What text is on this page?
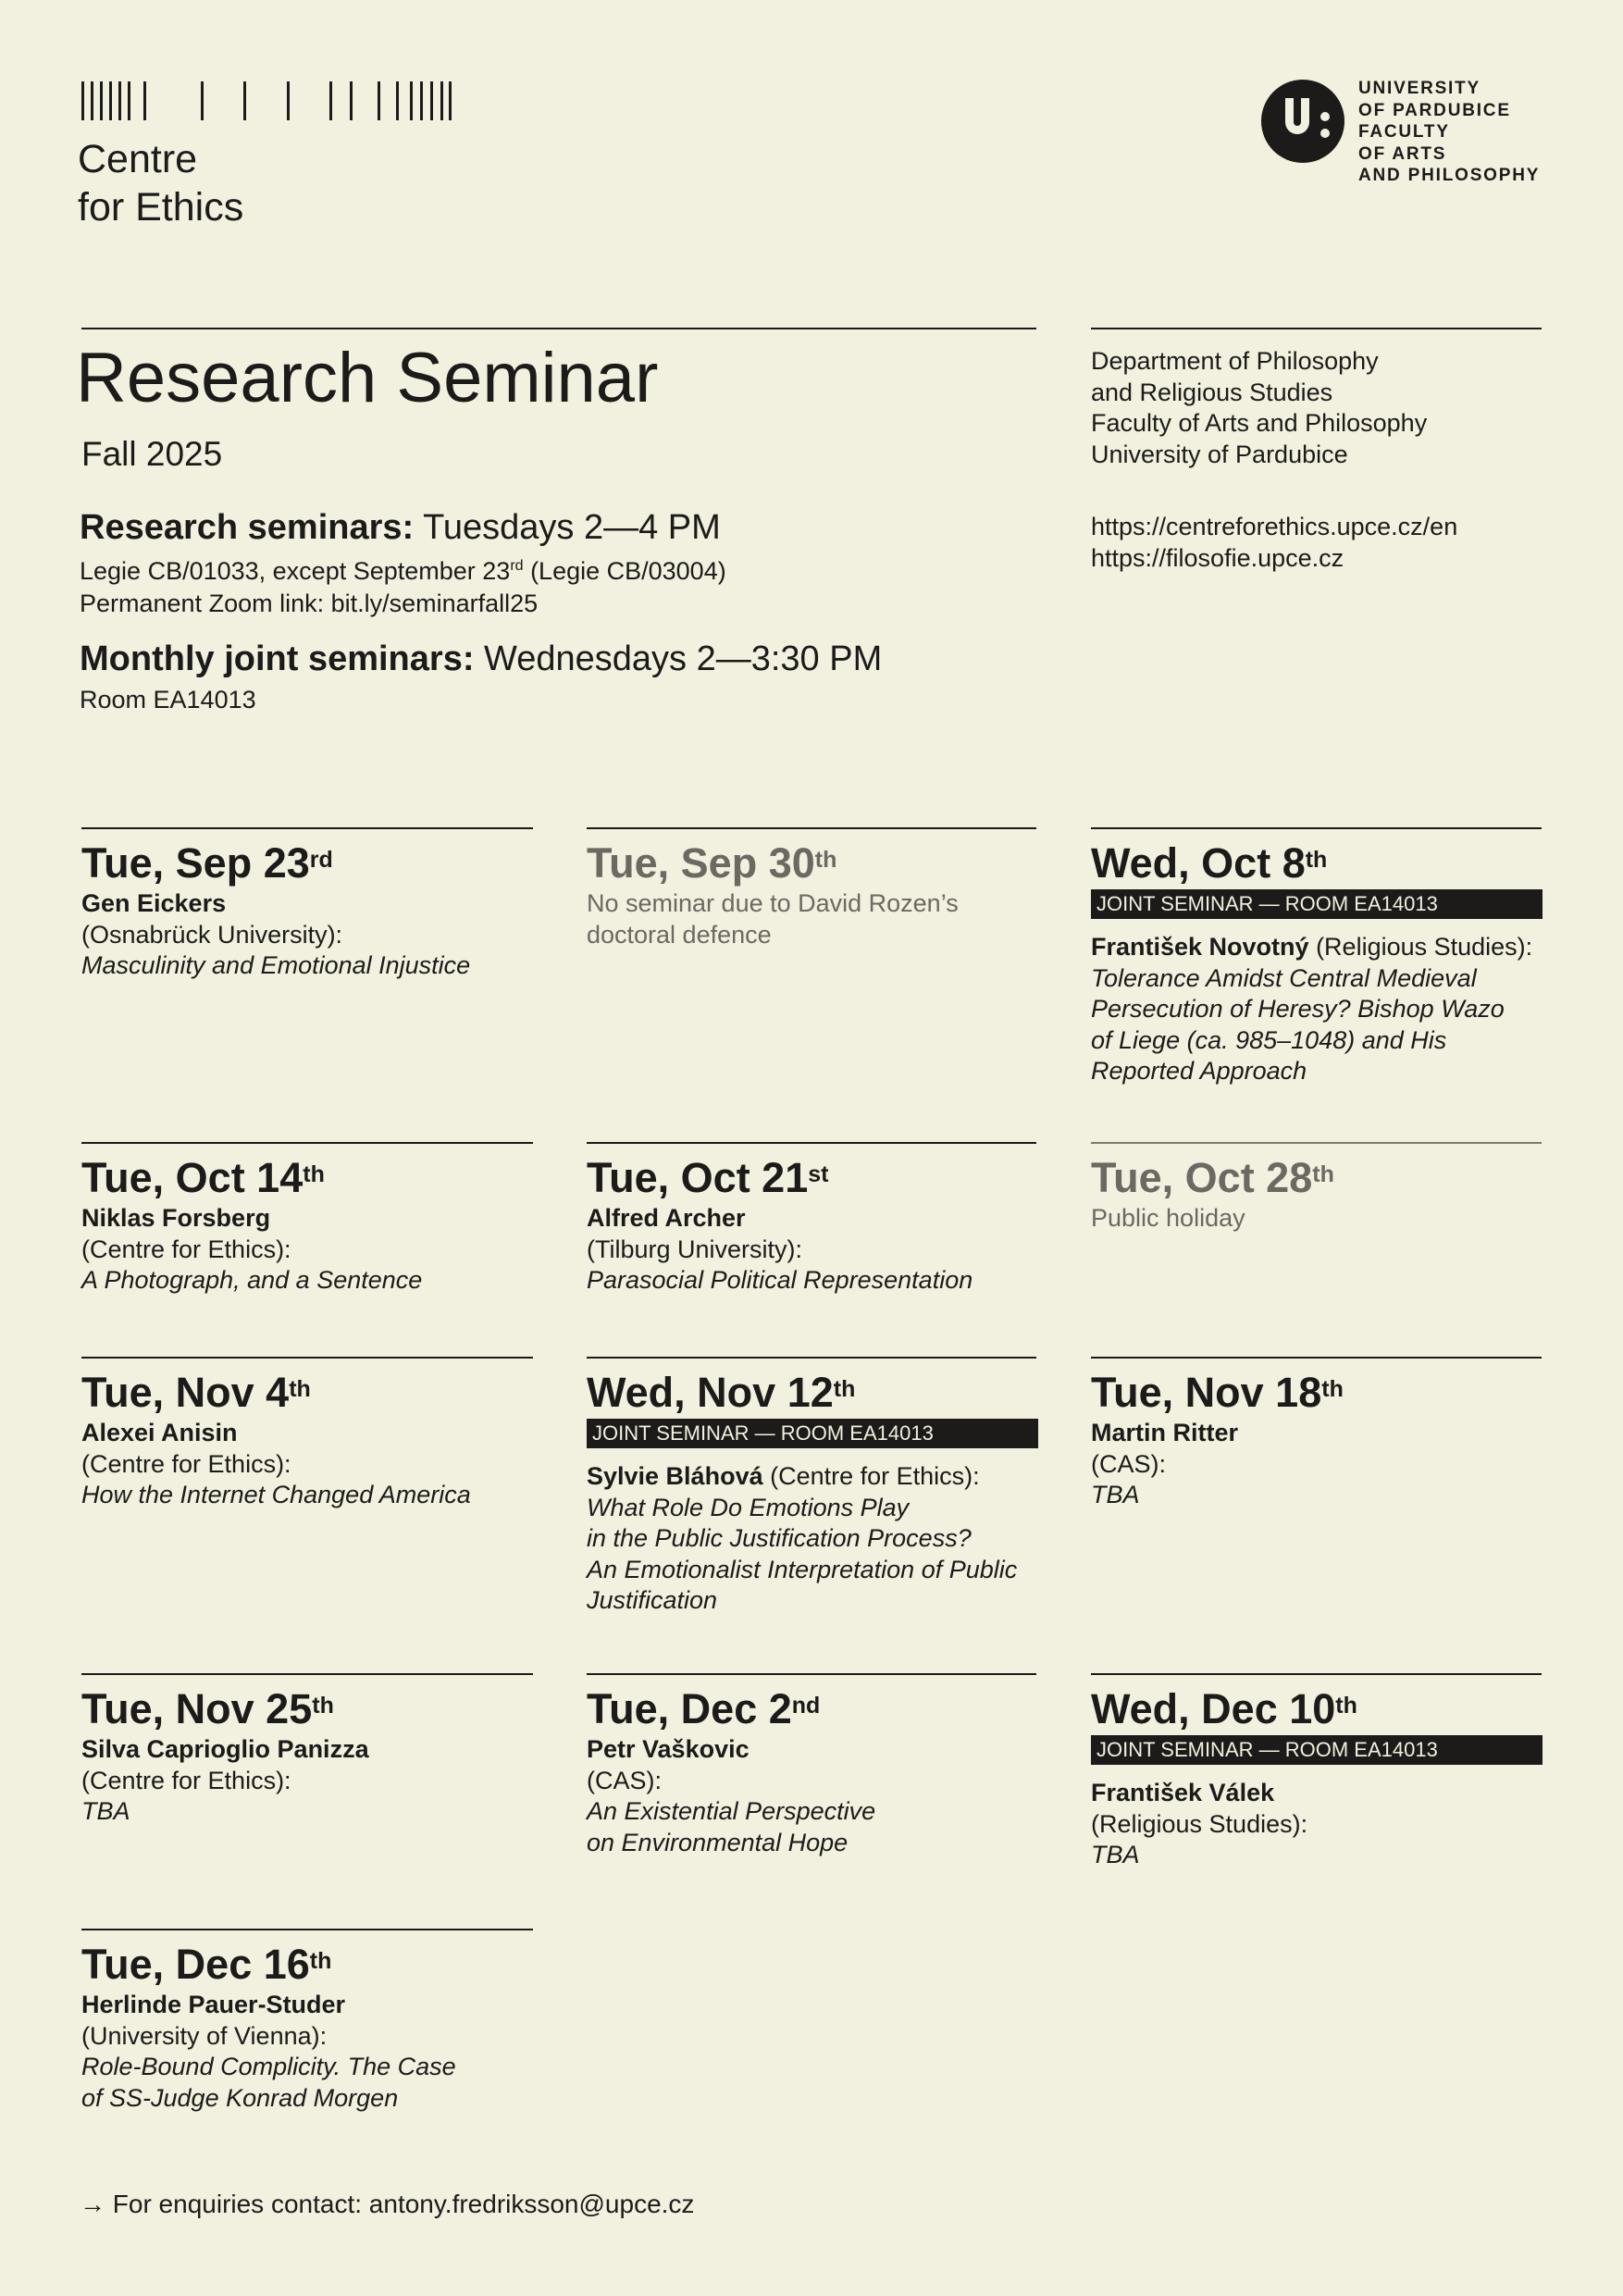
Centre
for Ethics
UNIVERSITY
OF PARDUBICE
FACULTY
OF ARTS
AND PHILOSOPHY
Research Seminar
Fall 2025
Research seminars: Tuesdays 2—4 PM
Legie CB/01033, except September 23rd (Legie CB/03004)
Permanent Zoom link: bit.ly/seminarfall25
Monthly joint seminars: Wednesdays 2—3:30 PM
Room EA14013
Department of Philosophy
and Religious Studies
Faculty of Arts and Philosophy
University of Pardubice
https://centreforethics.upce.cz/en
https://filosofie.upce.cz
Tue, Sep 23rd
Gen Eickers
(Osnabrück University):
Masculinity and Emotional Injustice
Tue, Sep 30th
No seminar due to David Rozen’s
doctoral defence
Wed, Oct 8th
JOINT SEMINAR — ROOM EA14013
František Novotný (Religious Studies):
Tolerance Amidst Central Medieval
Persecution of Heresy? Bishop Wazo
of Liege (ca. 985–1048) and His
Reported Approach
Tue, Oct 14th
Niklas Forsberg
(Centre for Ethics):
A Photograph, and a Sentence
Tue, Oct 21st
Alfred Archer
(Tilburg University):
Parasocial Political Representation
Tue, Oct 28th
Public holiday
Tue, Nov 4th
Alexei Anisin
(Centre for Ethics):
How the Internet Changed America
Wed, Nov 12th
JOINT SEMINAR — ROOM EA14013
Sylvie Bláhová (Centre for Ethics):
What Role Do Emotions Play
in the Public Justification Process?
An Emotionalist Interpretation of Public
Justification
Tue, Nov 18th
Martin Ritter
(CAS):
TBA
Tue, Nov 25th
Silva Caprioglio Panizza
(Centre for Ethics):
TBA
Tue, Dec 2nd
Petr Vaškovic
(CAS):
An Existential Perspective
on Environmental Hope
Wed, Dec 10th
JOINT SEMINAR — ROOM EA14013
František Válek
(Religious Studies):
TBA
Tue, Dec 16th
Herlinde Pauer-Studer
(University of Vienna):
Role-Bound Complicity. The Case
of SS-Judge Konrad Morgen
→ For enquiries contact: antony.fredriksson@upce.cz
